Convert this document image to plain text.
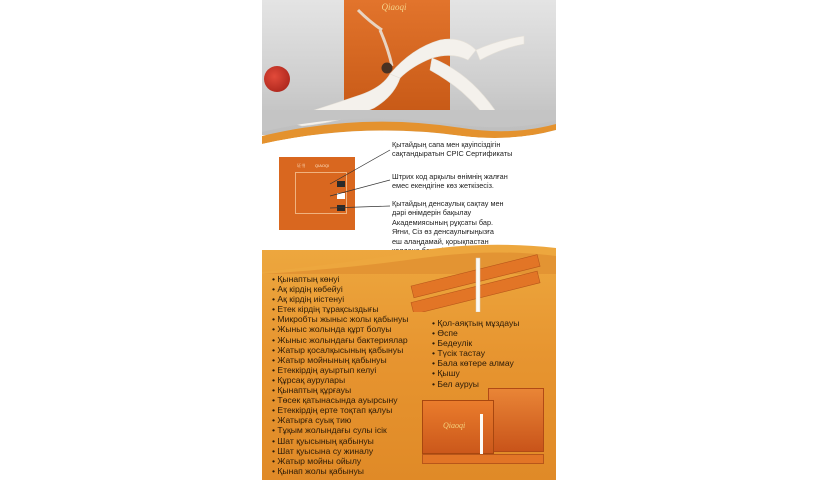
Qiaoqi
证书 QIAOQI
Қытайдың сапа мен қауіпсіздігін
сақтандыратын CPIC Сертификаты
Штрих код арқылы өнімнің жалған
емес екендігіне көз жеткізесіз.
Қытайдың денсаулық сақтау мен
дәрі өнімдерін бақылау
Академиясының рұқсаты бар.
Яғни, Сіз өз денсаулығыңызға
еш алаңдамай, қорықпастан

Qiaoqi
• Қынаптың көнуі
• Ақ кірдің көбейуі
• Ақ кірдің иістенуі
• Етек кірдің тұрақсыздығы
• Микробты жыныс жолы қабынуы
• Жыныс жолында құрт болуы
• Жыныс жолындағы бактериялар
• Жатыр қосалқысының қабынуы
• Жатыр мойнының қабынуы
• Етеккірдің ауыртып келуі
• Құрсақ аурулары
• Қынаптың құрғауы
• Төсек қатынасында ауырсыну
• Етеккірдің ерте тоқтап қалуы
• Жатырға суық тию
• Тұқым жолындағы сулы ісік
• Шат қуысының қабынуы
• Шат қуысына су жиналу
• Жатыр мойны ойылу
• Қынап жолы қабынуы
• Қол-аяқтың мұздауы
• Өспе
• Бедеулік
• Түсік тастау
• Бала көтере алмау
• Қышу
• Бел ауруы
